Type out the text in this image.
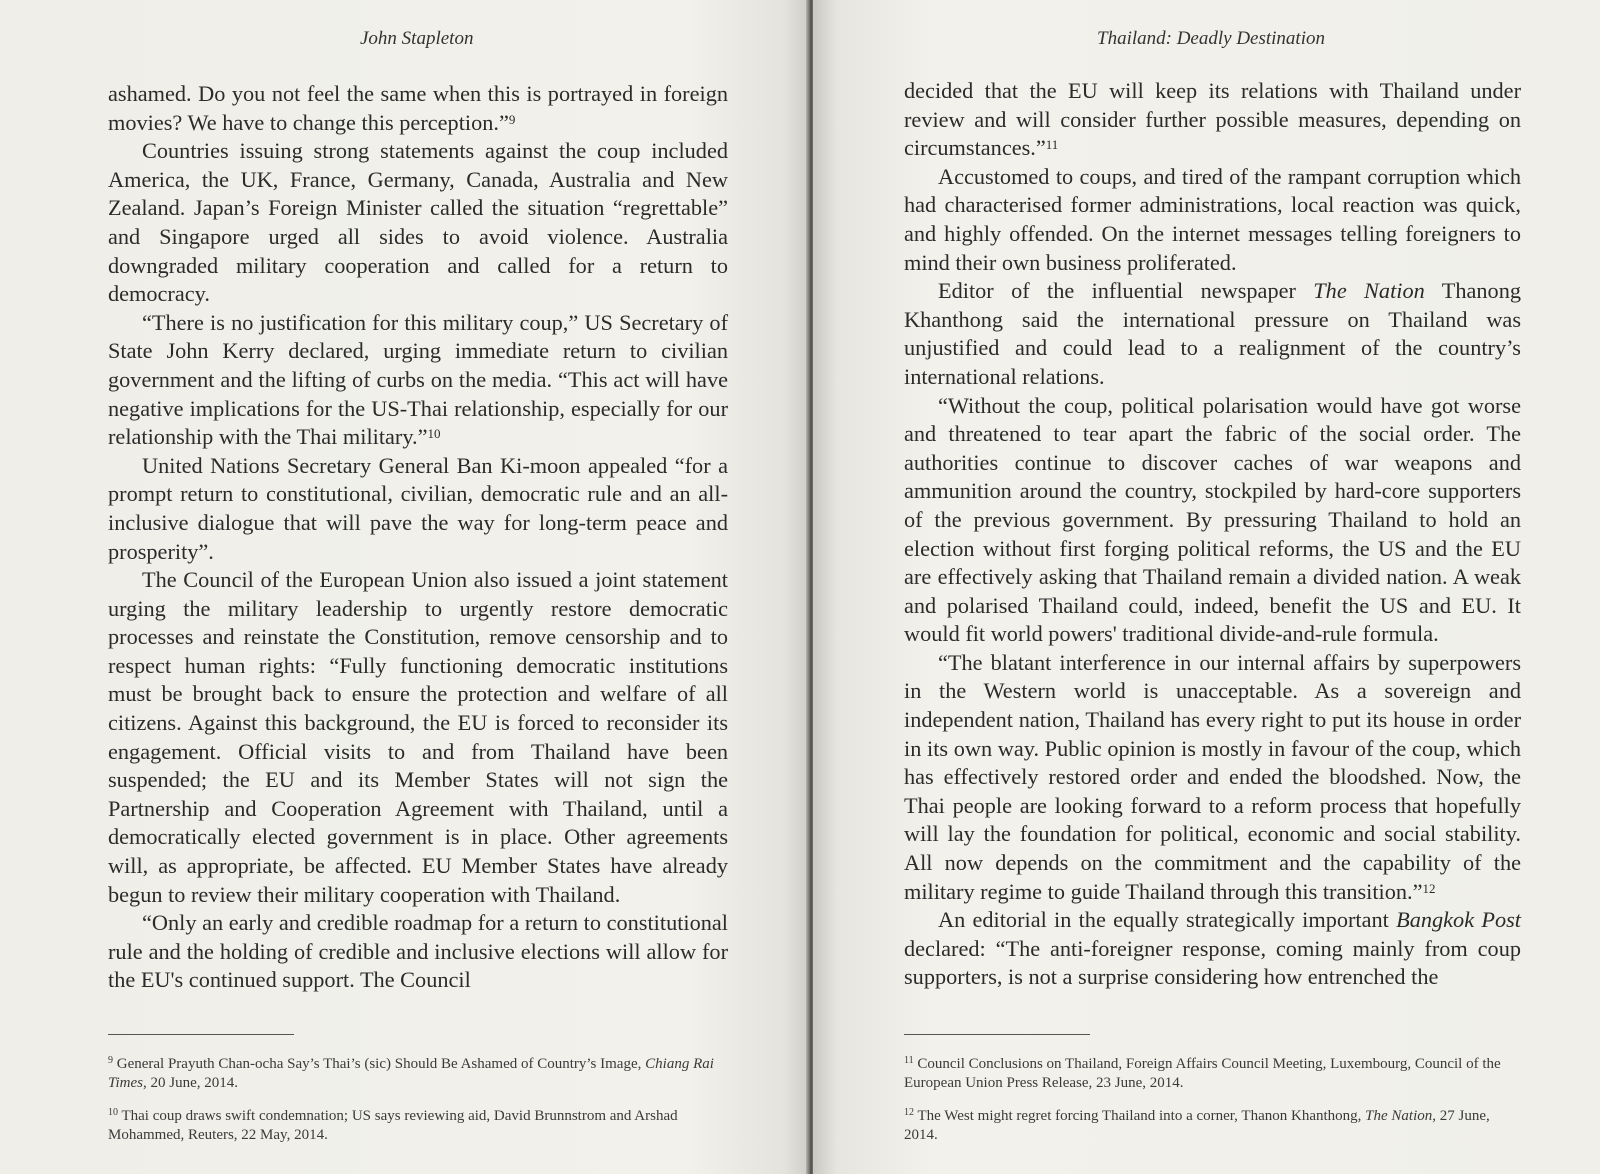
John Stapleton

ashamed. Do you not feel the same when this is portrayed in foreign movies? We have to change this perception.”$^9$

Countries issuing strong statements against the coup included America, the UK, France, Germany, Canada, Australia and New Zealand. Japan’s Foreign Minister called the situation “regrettable” and Singapore urged all sides to avoid violence. Australia downgraded military cooperation and called for a return to democracy.

“There is no justification for this military coup,” US Secretary of State John Kerry declared, urging immediate return to civilian government and the lifting of curbs on the media. “This act will have negative implications for the US-Thai relationship, especially for our relationship with the Thai military.”$^{10}$

United Nations Secretary General Ban Ki-moon appealed “for a prompt return to constitutional, civilian, democratic rule and an all-inclusive dialogue that will pave the way for long-term peace and prosperity”.

The Council of the European Union also issued a joint statement urging the military leadership to urgently restore democratic processes and reinstate the Constitution, remove censorship and to respect human rights: “Fully functioning democratic institutions must be brought back to ensure the protection and welfare of all citizens. Against this background, the EU is forced to reconsider its engagement. Official visits to and from Thailand have been suspended; the EU and its Member States will not sign the Partnership and Cooperation Agreement with Thailand, until a democratically elected government is in place. Other agreements will, as appropriate, be affected. EU Member States have already begun to review their military cooperation with Thailand.

“Only an early and credible roadmap for a return to constitutional rule and the holding of credible and inclusive elections will allow for the EU's continued support. The Council

$^9$ General Prayuth Chan-ocha Say’s Thai’s (sic) Should Be Ashamed of Country’s Image, Chiang Rai Times, 20 June, 2014.

$^{10}$ Thai coup draws swift condemnation; US says reviewing aid, David Brunnstrom and Arshad Mohammed, Reuters, 22 May, 2014.

Thailand: Deadly Destination

decided that the EU will keep its relations with Thailand under review and will consider further possible measures, depending on circumstances.”$^{11}$

Accustomed to coups, and tired of the rampant corruption which had characterised former administrations, local reaction was quick, and highly offended. On the internet messages telling foreigners to mind their own business proliferated.

Editor of the influential newspaper The Nation Thanong Khanthong said the international pressure on Thailand was unjustified and could lead to a realignment of the country’s international relations.

“Without the coup, political polarisation would have got worse and threatened to tear apart the fabric of the social order. The authorities continue to discover caches of war weapons and ammunition around the country, stockpiled by hard-core supporters of the previous government. By pressuring Thailand to hold an election without first forging political reforms, the US and the EU are effectively asking that Thailand remain a divided nation. A weak and polarised Thailand could, indeed, benefit the US and EU. It would fit world powers' traditional divide-and-rule formula.

“The blatant interference in our internal affairs by superpowers in the Western world is unacceptable. As a sovereign and independent nation, Thailand has every right to put its house in order in its own way. Public opinion is mostly in favour of the coup, which has effectively restored order and ended the bloodshed. Now, the Thai people are looking forward to a reform process that hopefully will lay the foundation for political, economic and social stability. All now depends on the commitment and the capability of the military regime to guide Thailand through this transition.”$^{12}$

An editorial in the equally strategically important Bangkok Post declared: “The anti-foreigner response, coming mainly from coup supporters, is not a surprise considering how entrenched the

$^{11}$ Council Conclusions on Thailand, Foreign Affairs Council Meeting, Luxembourg, Council of the European Union Press Release, 23 June, 2014.

$^{12}$ The West might regret forcing Thailand into a corner, Thanon Khanthong, The Nation, 27 June, 2014.
